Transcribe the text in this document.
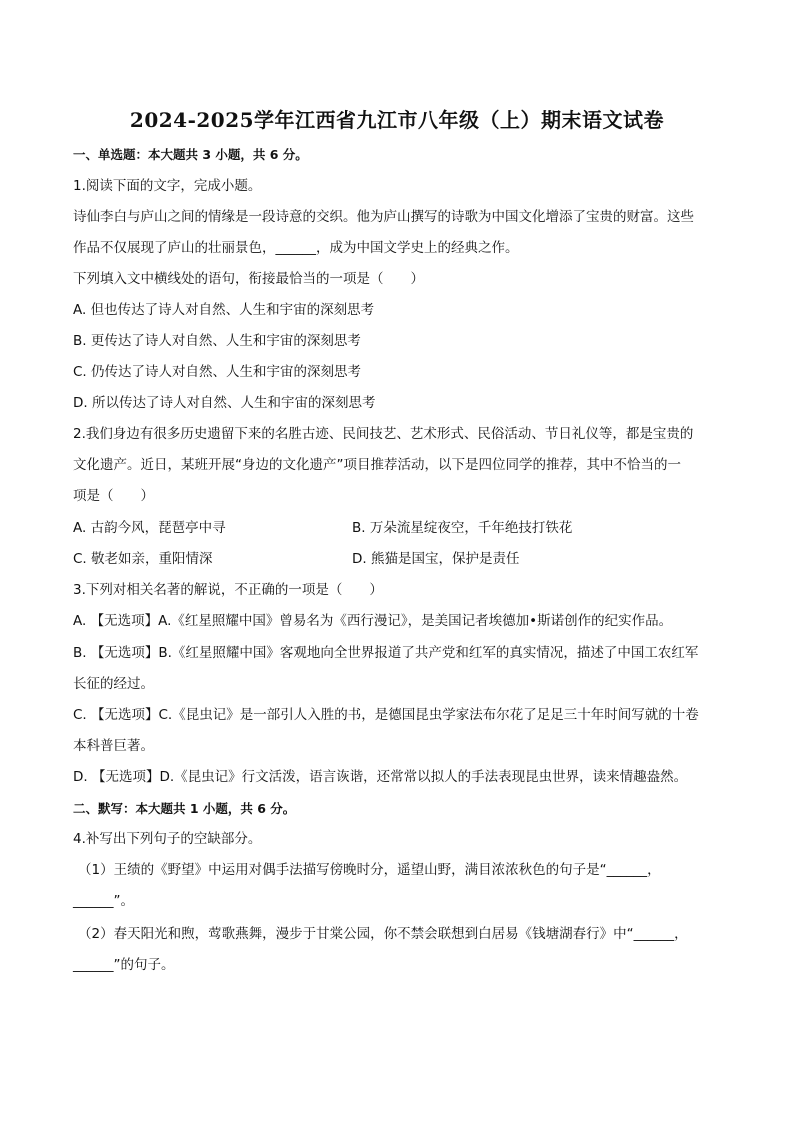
2024-2025学年江西省九江市八年级（上）期末语文试卷
一、单选题：本大题共 3 小题，共 6 分。
1.阅读下面的文字，完成小题。
诗仙李白与庐山之间的情缘是一段诗意的交织。他为庐山撰写的诗歌为中国文化增添了宝贵的财富。这些
作品不仅展现了庐山的壮丽景色，______，成为中国文学史上的经典之作。
下列填入文中横线处的语句，衔接最恰当的一项是（　　）
A. 但也传达了诗人对自然、人生和宇宙的深刻思考
B. 更传达了诗人对自然、人生和宇宙的深刻思考
C. 仍传达了诗人对自然、人生和宇宙的深刻思考
D. 所以传达了诗人对自然、人生和宇宙的深刻思考
2.我们身边有很多历史遗留下来的名胜古迹、民间技艺、艺术形式、民俗活动、节日礼仪等，都是宝贵的
文化遗产。近日，某班开展“身边的文化遗产”项目推荐活动，以下是四位同学的推荐，其中不恰当的一
项是（　　）
A. 古韵今风，琵琶亭中寻	B. 万朵流星绽夜空，千年绝技打铁花
C. 敬老如亲，重阳情深	D. 熊猫是国宝，保护是责任
3.下列对相关名著的解说，不正确的一项是（　　）
A. 【无选项】A.《红星照耀中国》曾易名为《西行漫记》，是美国记者埃德加•斯诺创作的纪实作品。
B. 【无选项】B.《红星照耀中国》客观地向全世界报道了共产党和红军的真实情况，描述了中国工农红军
长征的经过。
C. 【无选项】C.《昆虫记》是一部引人入胜的书，是德国昆虫学家法布尔花了足足三十年时间写就的十卷
本科普巨著。
D. 【无选项】D.《昆虫记》行文活泼，语言诙谐，还常常以拟人的手法表现昆虫世界，读来情趣盎然。
二、默写：本大题共 1 小题，共 6 分。
4.补写出下列句子的空缺部分。
（1）王绩的《野望》中运用对偶手法描写傍晚时分，遥望山野，满目浓浓秋色的句子是“______，
______”。
（2）春天阳光和煦，莺歌燕舞，漫步于甘棠公园，你不禁会联想到白居易《钱塘湖春行》中“______，
______”的句子。
